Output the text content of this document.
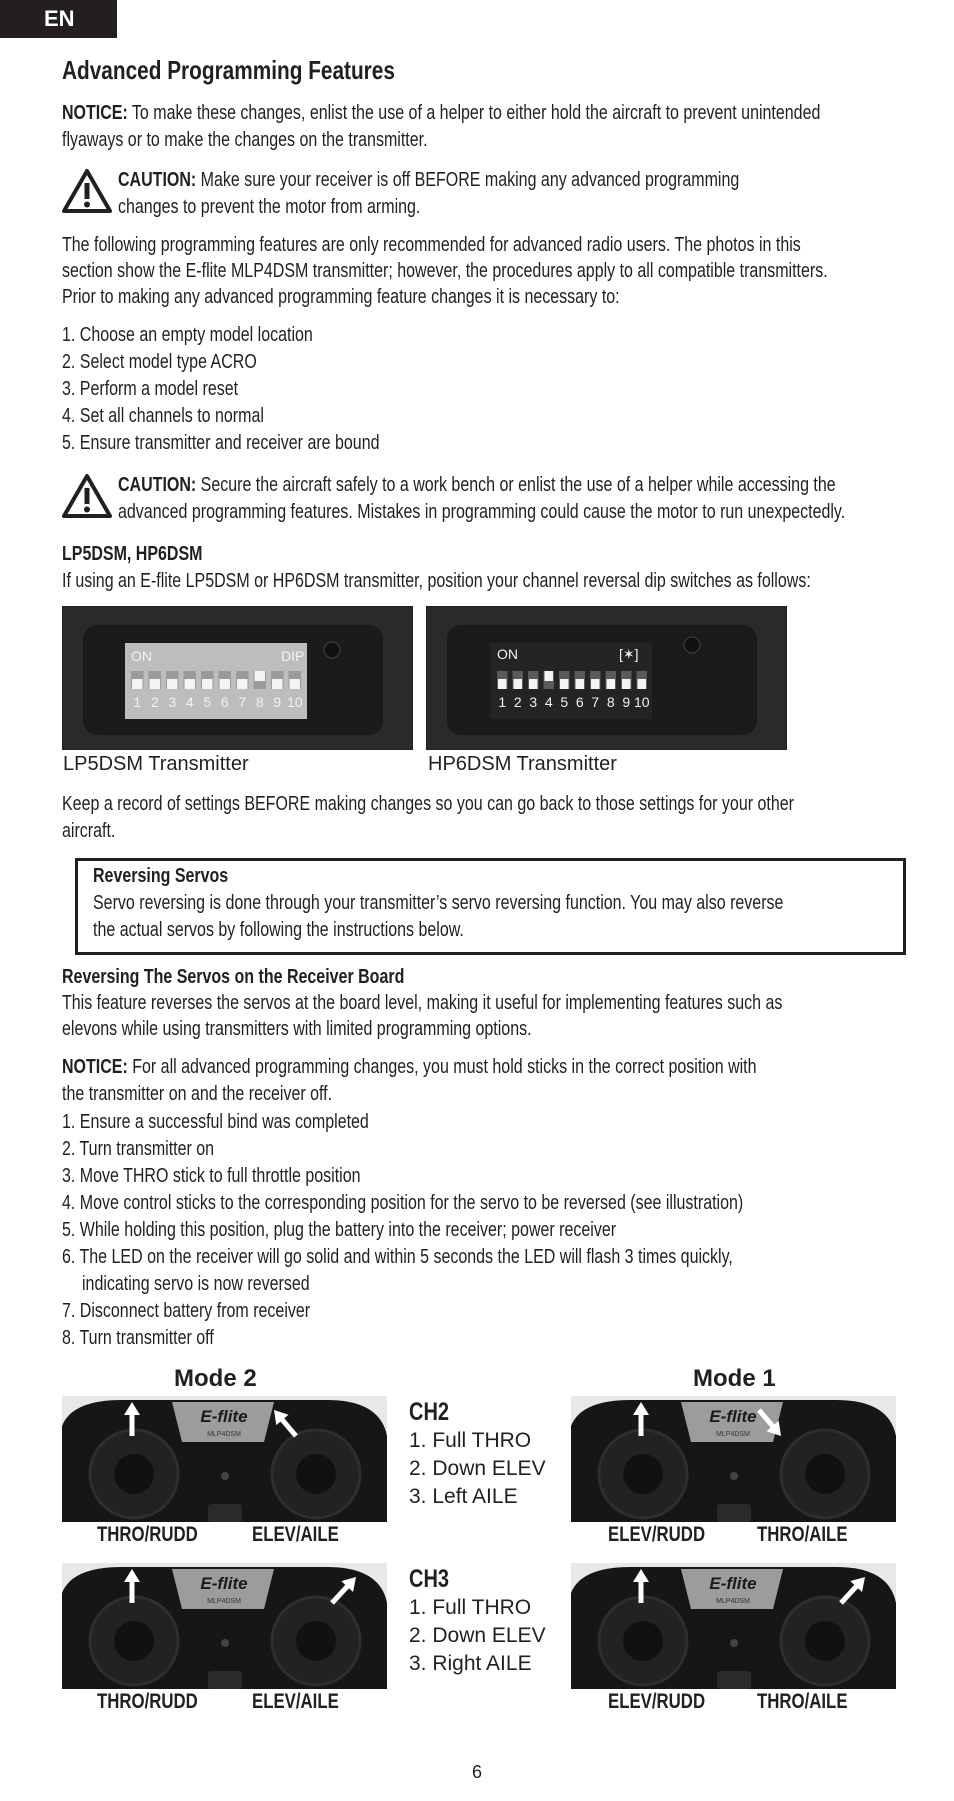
EN
Advanced Programming Features
NOTICE: To make these changes, enlist the use of a helper to either hold the aircraft to prevent unintended
flyaways or to make the changes on the transmitter.
CAUTION: Make sure your receiver is off BEFORE making any advanced programming
changes to prevent the motor from arming.
The following programming features are only recommended for advanced radio users. The photos in this
section show the E-flite MLP4DSM transmitter; however, the procedures apply to all compatible transmitters.
Prior to making any advanced programming feature changes it is necessary to:
1. Choose an empty model location
2. Select model type ACRO
3. Perform a model reset
4. Set all channels to normal
5. Ensure transmitter and receiver are bound
CAUTION: Secure the aircraft safely to a work bench or enlist the use of a helper while accessing the
advanced programming features. Mistakes in programming could cause the motor to run unexpectedly.
LP5DSM, HP6DSM
If using an E-flite LP5DSM or HP6DSM transmitter, position your channel reversal dip switches as follows:
ON	DIP
1 2 3 4 5 6 7 8 9 10
LP5DSM Transmitter
ON	[✶]
1 2 3 4 5 6 7 8 9 10
HP6DSM Transmitter
Keep a record of settings BEFORE making changes so you can go back to those settings for your other
aircraft.
Reversing Servos
Servo reversing is done through your transmitter’s servo reversing function. You may also reverse
the actual servos by following the instructions below.
Reversing The Servos on the Receiver Board
This feature reverses the servos at the board level, making it useful for implementing features such as
elevons while using transmitters with limited programming options.
NOTICE: For all advanced programming changes, you must hold sticks in the correct position with
the transmitter on and the receiver off.
1. Ensure a successful bind was completed
2. Turn transmitter on
3. Move THRO stick to full throttle position
4. Move control sticks to the corresponding position for the servo to be reversed (see illustration)
5. While holding this position, plug the battery into the receiver; power receiver
6. The LED on the receiver will go solid and within 5 seconds the LED will flash 3 times quickly,
indicating servo is now reversed
7. Disconnect battery from receiver
8. Turn transmitter off
Mode 2	Mode 1
E-flite
MLP4DSM
E-flite
MLP4DSM
E-flite
MLP4DSM
E-flite
MLP4DSM
THRO/RUDD	ELEV/AILE	ELEV/RUDD	THRO/AILE
THRO/RUDD	ELEV/AILE	ELEV/RUDD	THRO/AILE
CH2
1. Full THRO
2. Down ELEV
3. Left AILE
CH3
1. Full THRO
2. Down ELEV
3. Right AILE
6
